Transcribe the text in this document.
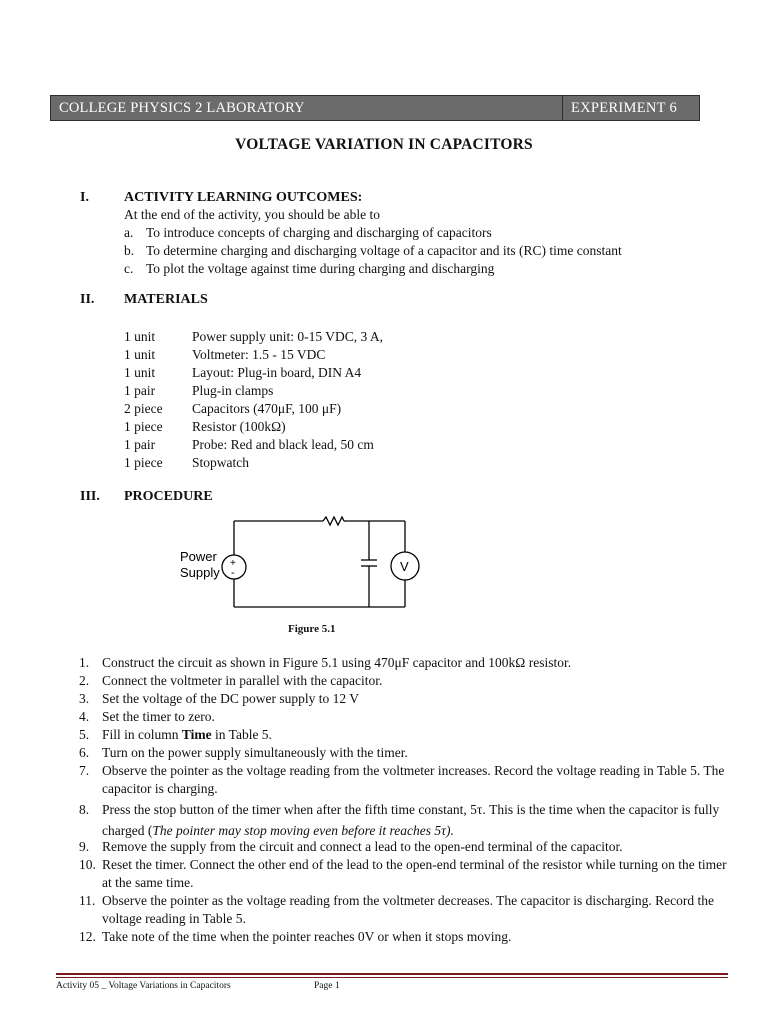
COLLEGE PHYSICS 2 LABORATORY	EXPERIMENT 6
VOLTAGE VARIATION IN CAPACITORS
I.	ACTIVITY LEARNING OUTCOMES:
At the end of the activity, you should be able to
a. To introduce concepts of charging and discharging of capacitors
b. To determine charging and discharging voltage of a capacitor and its (RC) time constant
c. To plot the voltage against time during charging and discharging
II. MATERIALS
1 unit	Power supply unit: 0-15 VDC, 3 A,
1 unit	Voltmeter: 1.5 - 15 VDC
1 unit	Layout: Plug-in board, DIN A4
1 pair	Plug-in clamps
2 piece Capacitors (470μF, 100 μF)
1 piece Resistor (100kΩ)
1 pair	Probe: Red and black lead, 50 cm
1 piece Stopwatch
III. PROCEDURE
Power
Supply
+
-	V
Figure 5.1
1. Construct the circuit as shown in Figure 5.1 using 470μF capacitor and 100kΩ resistor.
2. Connect the voltmeter in parallel with the capacitor.
3. Set the voltage of the DC power supply to 12 V
4. Set the timer to zero.
5. Fill in column Time in Table 5.
6. Turn on the power supply simultaneously with the timer.
7. Observe the pointer as the voltage reading from the voltmeter increases. Record the voltage reading in Table 5. The capacitor is charging.
8. Press the stop button of the timer when after the fifth time constant, 5τ. This is the time when the capacitor is fully charged (The pointer may stop moving even before it reaches 5τ).
9. Remove the supply from the circuit and connect a lead to the open-end terminal of the capacitor.
10. Reset the timer. Connect the other end of the lead to the open-end terminal of the resistor while turning on the timer at the same time.
11. Observe the pointer as the voltage reading from the voltmeter decreases. The capacitor is discharging. Record the voltage reading in Table 5.
12. Take note of the time when the pointer reaches 0V or when it stops moving.
Activity 05 _ Voltage Variations in Capacitors	Page 1
